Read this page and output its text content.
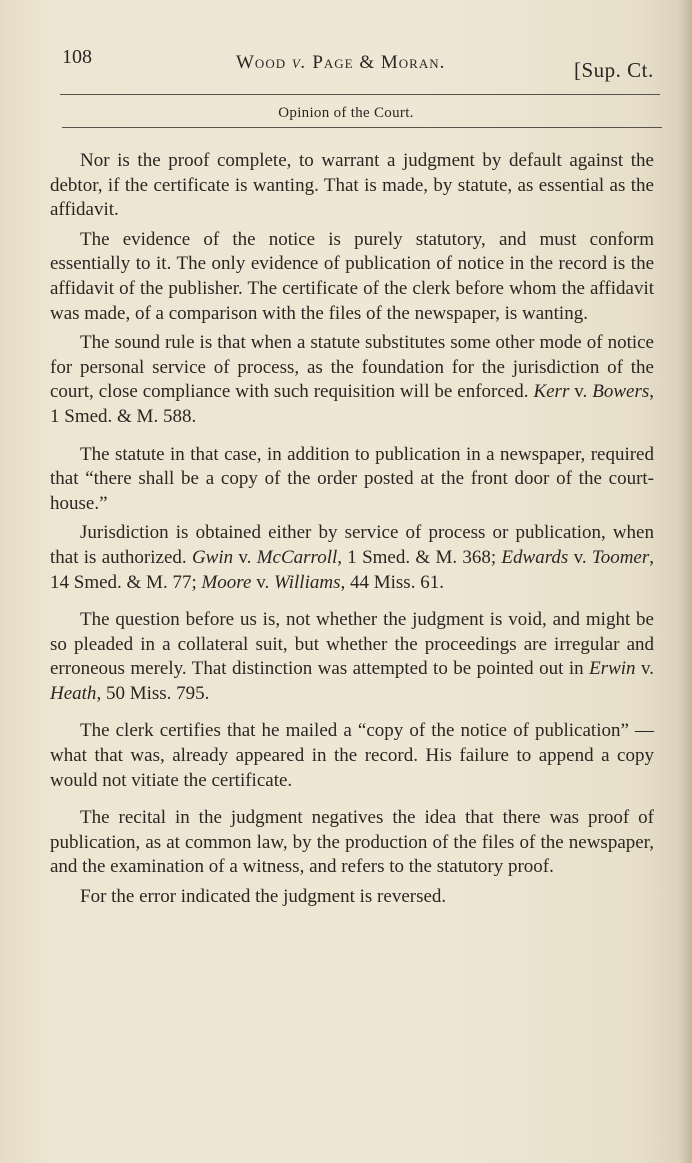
108	Wood v. Page & Moran.	[Sup. Ct.
Opinion of the Court.

Nor is the proof complete, to warrant a judgment by default against the debtor, if the certificate is wanting. That is made, by statute, as essential as the affidavit.

The evidence of the notice is purely statutory, and must conform essentially to it. The only evidence of publication of notice in the record is the affidavit of the publisher. The certificate of the clerk before whom the affidavit was made, of a comparison with the files of the newspaper, is wanting.

The sound rule is that when a statute substitutes some other mode of notice for personal service of process, as the foundation for the jurisdiction of the court, close compliance with such requisition will be enforced. Kerr v. Bowers, 1 Smed. & M. 588.

The statute in that case, in addition to publication in a newspaper, required that “there shall be a copy of the order posted at the front door of the court-house.”

Jurisdiction is obtained either by service of process or publication, when that is authorized. Gwin v. McCarroll, 1 Smed. & M. 368; Edwards v. Toomer, 14 Smed. & M. 77; Moore v. Williams, 44 Miss. 61.

The question before us is, not whether the judgment is void, and might be so pleaded in a collateral suit, but whether the proceedings are irregular and erroneous merely. That distinction was attempted to be pointed out in Erwin v. Heath, 50 Miss. 795.

The clerk certifies that he mailed a “copy of the notice of publication” — what that was, already appeared in the record. His failure to append a copy would not vitiate the certificate.

The recital in the judgment negatives the idea that there was proof of publication, as at common law, by the production of the files of the newspaper, and the examination of a witness, and refers to the statutory proof.

For the error indicated the judgment is reversed.
